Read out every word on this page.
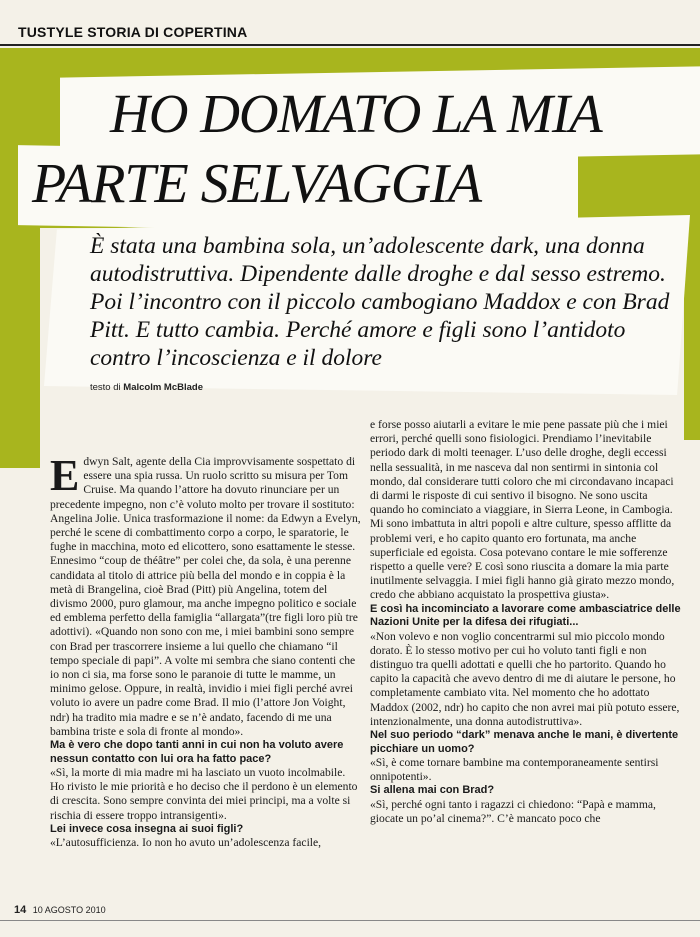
TUSTYLE STORIA DI COPERTINA
HO DOMATO LA MIA
PARTE SELVAGGIA
È stata una bambina sola, un’adolescente dark, una donna autodistruttiva. Dipendente dalle droghe e dal sesso estremo. Poi l’incontro con il piccolo cambogiano Maddox e con Brad Pitt. E tutto cambia. Perché amore e figli sono l’antidoto contro l’incoscienza e il dolore
testo di Malcolm McBlade

Edwyn Salt, agente della Cia improvvisamente sospettato di essere una spia russa. Un ruolo scritto su misura per Tom Cruise. Ma quando l’attore ha dovuto rinunciare per un precedente impegno, non c’è voluto molto per trovare il sostituto: Angelina Jolie. Unica trasformazione il nome: da Edwyn a Evelyn, perché le scene di combattimento corpo a corpo, le sparatorie, le fughe in macchina, moto ed elicottero, sono esattamente le stesse. Ennesimo “coup de théâtre” per colei che, da sola, è una perenne candidata al titolo di attrice più bella del mondo e in coppia è la metà di Brangelina, cioè Brad (Pitt) più Angelina, totem del divismo 2000, puro glamour, ma anche impegno politico e sociale ed emblema perfetto della famiglia “allargata”(tre figli loro più tre adottivi). «Quando non sono con me, i miei bambini sono sempre con Brad per trascorrere insieme a lui quello che chiamano “il tempo speciale di papi”. A volte mi sembra che siano contenti che io non ci sia, ma forse sono le paranoie di tutte le mamme, un minimo gelose. Oppure, in realtà, invidio i miei figli perché avrei voluto io avere un padre come Brad. Il mio (l’attore Jon Voight, ndr) ha tradito mia madre e se n’è andato, facendo di me una bambina triste e sola di fronte al mondo».

Ma è vero che dopo tanti anni in cui non ha voluto avere nessun contatto con lui ora ha fatto pace?

«Sì, la morte di mia madre mi ha lasciato un vuoto incolmabile. Ho rivisto le mie priorità e ho deciso che il perdono è un elemento di crescita. Sono sempre convinta dei miei principi, ma a volte si rischia di essere troppo intransigenti».

Lei invece cosa insegna ai suoi figli?

«L’autosufficienza. Io non ho avuto un’adolescenza facile,

e forse posso aiutarli a evitare le mie pene passate più che i miei errori, perché quelli sono fisiologici. Prendiamo l’inevitabile periodo dark di molti teenager. L’uso delle droghe, degli eccessi nella sessualità, in me nasceva dal non sentirmi in sintonia col mondo, dal considerare tutti coloro che mi circondavano incapaci di darmi le risposte di cui sentivo il bisogno. Ne sono uscita quando ho cominciato a viaggiare, in Sierra Leone, in Cambogia. Mi sono imbattuta in altri popoli e altre culture, spesso afflitte da problemi veri, e ho capito quanto ero fortunata, ma anche superficiale ed egoista. Cosa potevano contare le mie sofferenze rispetto a quelle vere? E così sono riuscita a domare la mia parte inutilmente selvaggia. I miei figli hanno già girato mezzo mondo, credo che abbiano acquistato la prospettiva giusta».

E così ha incominciato a lavorare come ambasciatrice delle Nazioni Unite per la difesa dei rifugiati...

«Non volevo e non voglio concentrarmi sul mio piccolo mondo dorato. È lo stesso motivo per cui ho voluto tanti figli e non distinguo tra quelli adottati e quelli che ho partorito. Quando ho capito la capacità che avevo dentro di me di aiutare le persone, ho completamente cambiato vita. Nel momento che ho adottato Maddox (2002, ndr) ho capito che non avrei mai più potuto essere, intenzionalmente, una donna autodistruttiva».

Nel suo periodo “dark” menava anche le mani, è divertente picchiare un uomo?

«Sì, è come tornare bambine ma contemporaneamente sentirsi onnipotenti».

Si allena mai con Brad?

«Sì, perché ogni tanto i ragazzi ci chiedono: “Papà e mamma, giocate un po’al cinema?”. C’è mancato poco che

14 10 AGOSTO 2010
